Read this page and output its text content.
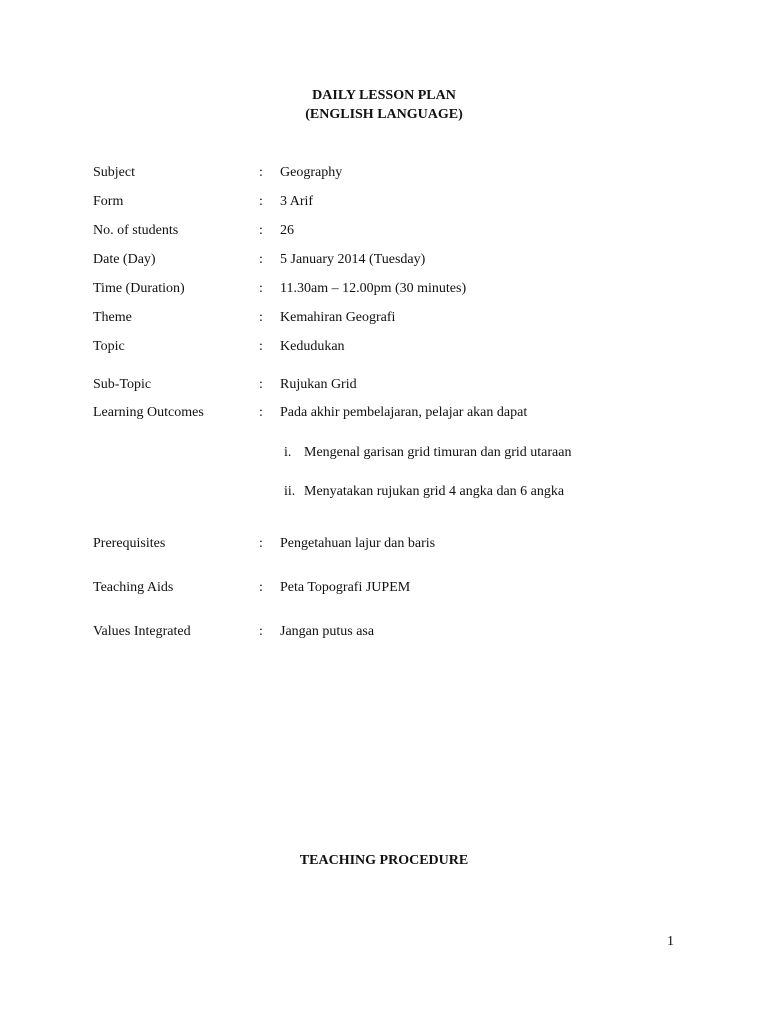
DAILY LESSON PLAN
(ENGLISH LANGUAGE)
Subject	: Geography
Form	: 3 Arif
No. of students	: 26
Date (Day)	: 5 January 2014 (Tuesday)
Time (Duration)	: 11.30am – 12.00pm (30 minutes)
Theme	: Kemahiran Geografi
Topic	: Kedudukan
Sub-Topic	: Rujukan Grid
Learning Outcomes	: Pada akhir pembelajaran, pelajar akan dapat
i. Mengenal garisan grid timuran dan grid utaraan
ii. Menyatakan rujukan grid 4 angka dan 6 angka
Prerequisites	: Pengetahuan lajur dan baris
Teaching Aids	: Peta Topografi JUPEM
Values Integrated	: Jangan putus asa
TEACHING PROCEDURE
1
